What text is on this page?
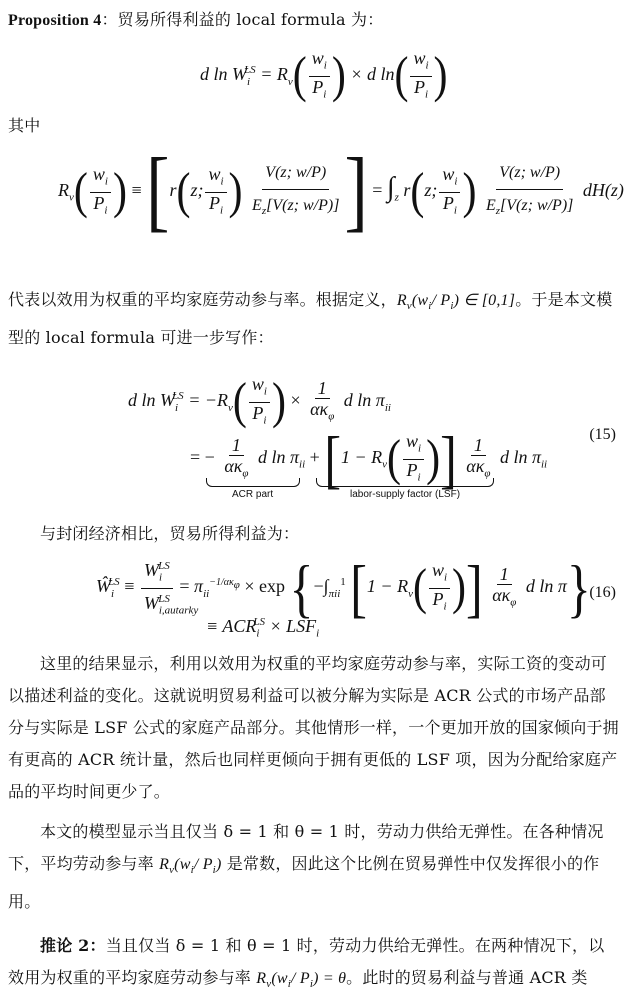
Proposition 4：贸易所得利益的 local formula 为：
d $\ln W_i^{LS} = R_v( \frac{w_i}{P_i}$ ) × d $\ln( \frac{w_i}{P_i}$ )
其中
$R_v( \frac{w_i}{P_i}$ ) ≡ [r(z; $\frac{w_i}{P_i}$ ) $\frac{V(z; w/P)}{E_z[V(z; w/P)]}$ ] = $\int_z$ r(z; $\frac{w_i}{P_i}$ ) $\frac{V(z; w/P)}{E_z[V(z; w/P)]} dH(z)$
代表以效用为权重的平均家庭劳动参与率。根据定义，$R_v(w_i/$ $P_i$) ∈ [0,1]。于是本文模型的 local formula 可进一步写作：
d $\ln W_i^{LS} = -R_v( \frac{w_i}{P_i}$ ) × $\frac{1}{\alpha\kappa_\varphi}$ d $\ln \pi_{ii}$
= − $\frac{1}{\alpha\kappa_\varphi}$ d $\ln \pi_{ii} + [1 - R_v( \frac{w_i}{P_i}$ )] $\frac{1}{\alpha\kappa_\varphi}$ d $\ln \pi_{ii}$
(15)
ACR part	labor-supply factor (LSF)
与封闭经济相比，贸易所得利益为：
$Ŵ_i^{LS} \equiv \frac{W_i^{LS}}{W_{i,autarky}^{LS}} = \pi_{ii}^{-1/\alpha\kappa_\varphi} \times \exp \{-\int_{\pi ii}^1$ [$1 - R_v( \frac{w_i}{P_i}$ )] $\frac{1}{\alpha\kappa_\varphi}$ d ln π}
(16)
≡ $ACR_i^{LS} \times LSF_i$
这里的结果显示，利用以效用为权重的平均家庭劳动参与率，实际工资的变动可以描述利益的变化。这就说明贸易利益可以被分解为实际是 ACR 公式的市场产品部分与实际是 LSF 公式的家庭产品部分。其他情形一样，一个更加开放的国家倾向于拥有更高的 ACR 统计量，然后也同样更倾向于拥有更低的 LSF 项，因为分配给家庭产品的平均时间更少了。
本文的模型显示当且仅当 δ = 1 和 θ = 1 时，劳动力供给无弹性。在各种情况下，平均劳动参与率 $R_v(w_i/$ $P_i$) 是常数，因此这个比例在贸易弹性中仅发挥很小的作用。
推论 2：当且仅当 δ = 1 和 θ = 1 时，劳动力供给无弹性。在两种情况下，以效用为权重的平均家庭劳动参与率 $R_v(w_i/$ $P_i) = \theta$。此时的贸易利益与普通 ACR 类
